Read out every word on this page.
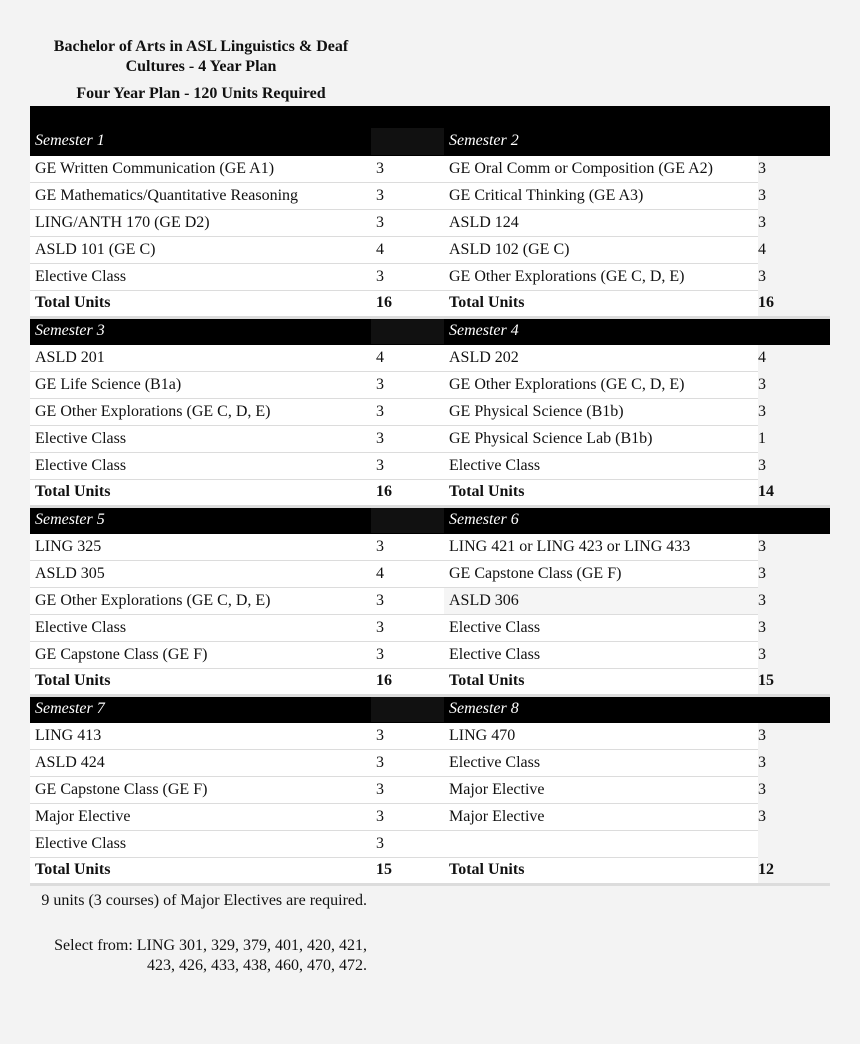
Bachelor of Arts in ASL Linguistics & Deaf Cultures - 4 Year Plan
Four Year Plan - 120 Units Required
Semester 1		Semester 2	
GE Written Communication (GE A1)	3	GE Oral Comm or Composition (GE A2)	3
GE Mathematics/Quantitative Reasoning	3	GE Critical Thinking (GE A3)	3
LING/ANTH 170 (GE D2)	3	ASLD 124	3
ASLD 101 (GE C)	4	ASLD 102 (GE C)	4
Elective Class	3	GE Other Explorations (GE C, D, E)	3
Total Units	16	Total Units	16
Semester 3		Semester 4	
ASLD 201	4	ASLD 202	4
GE Life Science (B1a)	3	GE Other Explorations (GE C, D, E)	3
GE Other Explorations (GE C, D, E)	3	GE Physical Science (B1b)	3
Elective Class	3	GE Physical Science Lab (B1b)	1
Elective Class	3	Elective Class	3
Total Units	16	Total Units	14
Semester 5		Semester 6	
LING 325	3	LING 421 or LING 423 or LING 433	3
ASLD 305	4	GE Capstone Class (GE F)	3
GE Other Explorations (GE C, D, E)	3	ASLD 306	3
Elective Class	3	Elective Class	3
GE Capstone Class (GE F)	3	Elective Class	3
Total Units	16	Total Units	15
Semester 7		Semester 8	
LING 413	3	LING 470	3
ASLD 424	3	Elective Class	3
GE Capstone Class (GE F)	3	Major Elective	3
Major Elective	3	Major Elective	3
Elective Class	3		
Total Units	15	Total Units	12
9 units (3 courses) of Major Electives are required.
Select from: LING 301, 329, 379, 401, 420, 421, 423, 426, 433, 438, 460, 470, 472.
